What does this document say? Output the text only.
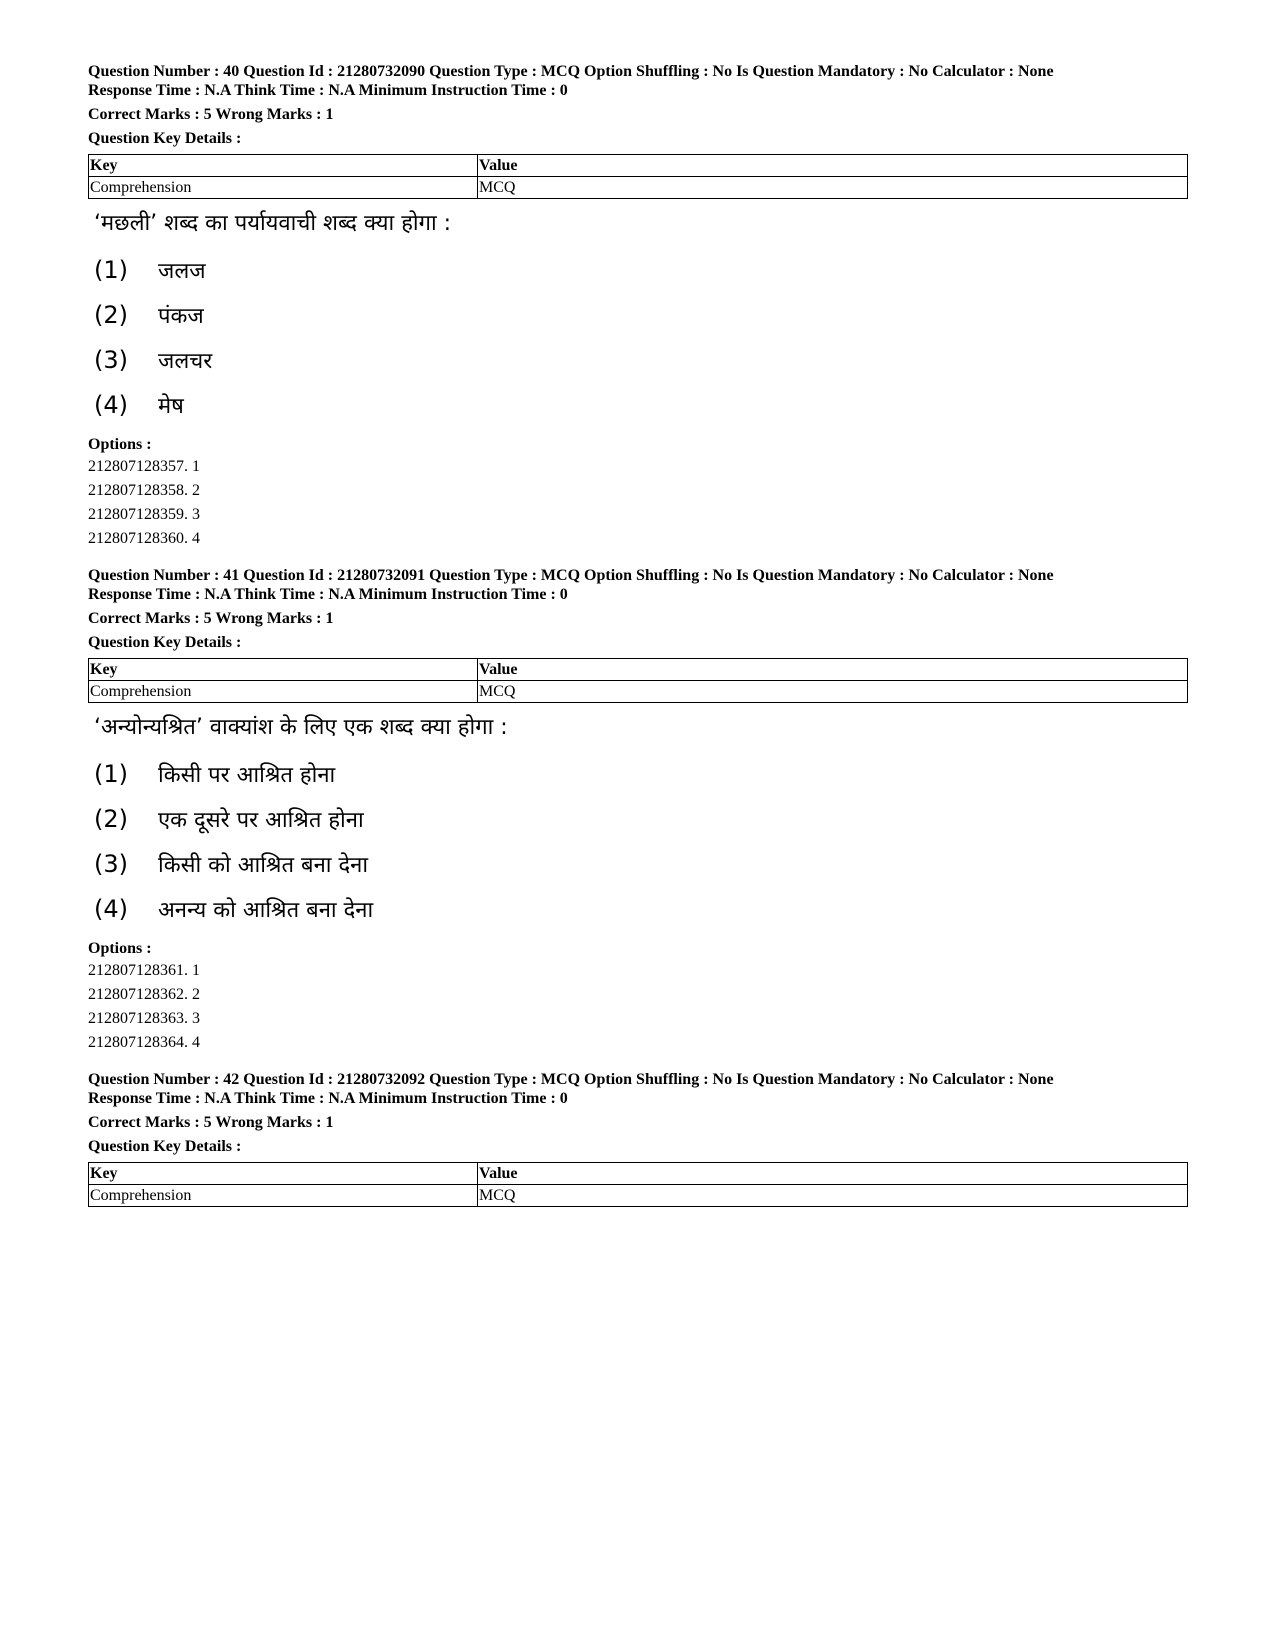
Question Number : 40 Question Id : 21280732090 Question Type : MCQ Option Shuffling : No Is Question Mandatory : No Calculator : None
Response Time : N.A Think Time : N.A Minimum Instruction Time : 0
Correct Marks : 5 Wrong Marks : 1
Question Key Details :
Key	Value
Comprehension	MCQ
‘मछली’ शब्द का पर्यायवाची शब्द क्या होगा :
(1)	जलज
(2)	पंकज
(3)	जलचर
(4)	मेष
Options :
212807128357. 1
212807128358. 2
212807128359. 3
212807128360. 4
Question Number : 41 Question Id : 21280732091 Question Type : MCQ Option Shuffling : No Is Question Mandatory : No Calculator : None
Response Time : N.A Think Time : N.A Minimum Instruction Time : 0
Correct Marks : 5 Wrong Marks : 1
Question Key Details :
Key	Value
Comprehension	MCQ
‘अन्योन्यश्रित’ वाक्यांश के लिए एक शब्द क्या होगा :
(1)	किसी पर आश्रित होना
(2)	एक दूसरे पर आश्रित होना
(3)	किसी को आश्रित बना देना
(4)	अनन्य को आश्रित बना देना
Options :
212807128361. 1
212807128362. 2
212807128363. 3
212807128364. 4
Question Number : 42 Question Id : 21280732092 Question Type : MCQ Option Shuffling : No Is Question Mandatory : No Calculator : None
Response Time : N.A Think Time : N.A Minimum Instruction Time : 0
Correct Marks : 5 Wrong Marks : 1
Question Key Details :
Key	Value
Comprehension	MCQ
